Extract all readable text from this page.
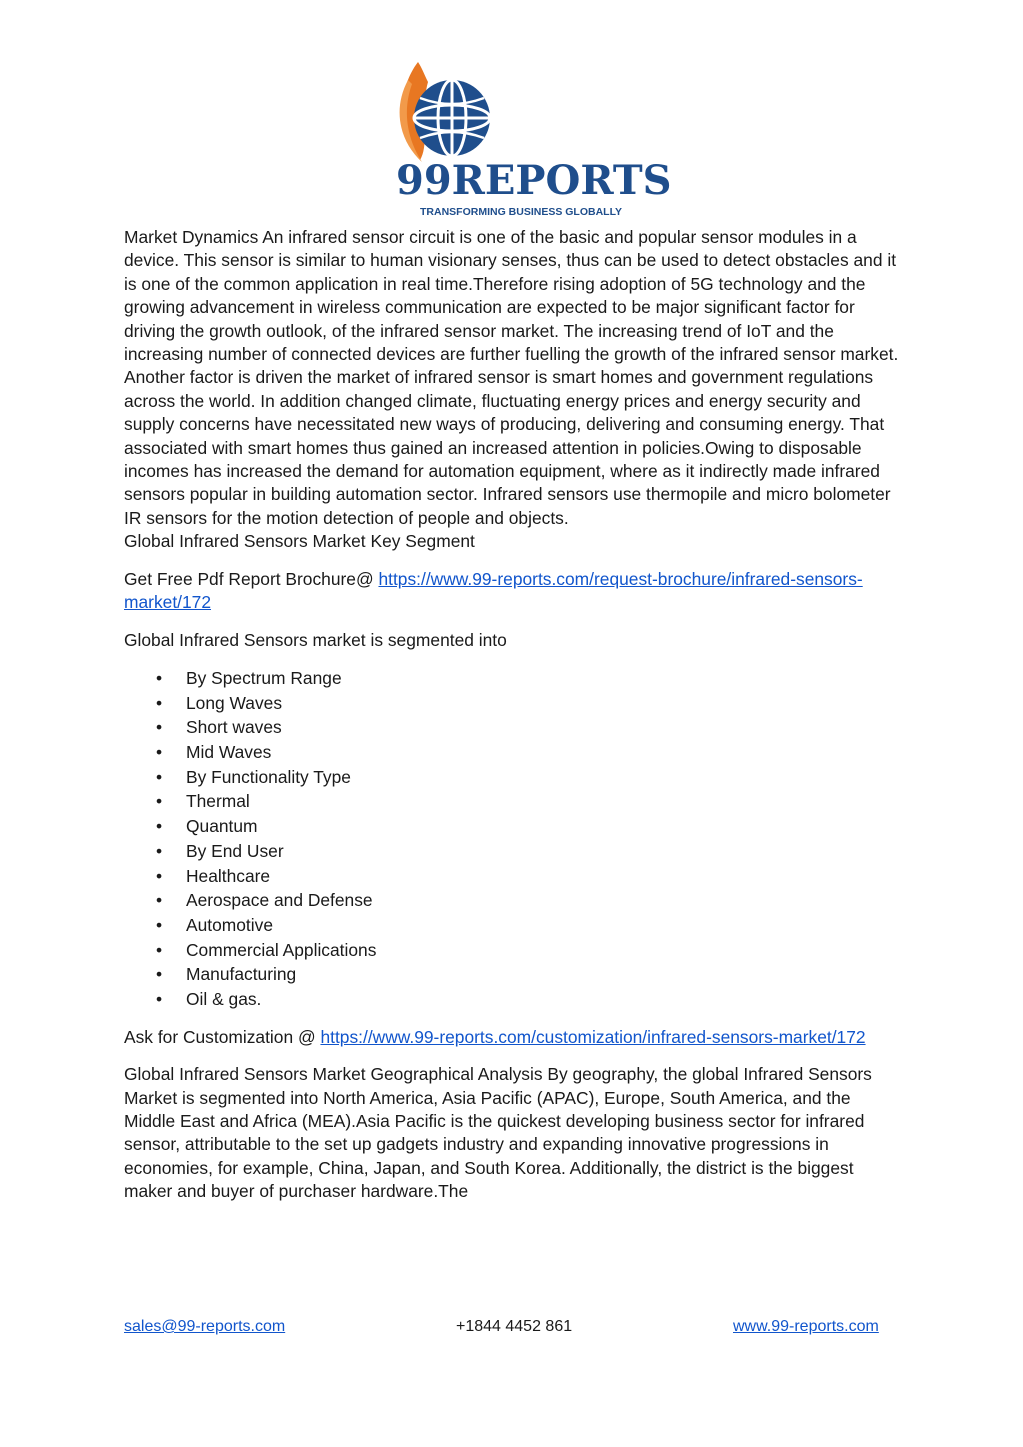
99REPORTS
TRANSFORMING BUSINESS GLOBALLY

Market Dynamics An infrared sensor circuit is one of the basic and popular sensor modules in a device. This sensor is similar to human visionary senses, thus can be used to detect obstacles and it is one of the common application in real time.Therefore rising adoption of 5G technology and the growing advancement in wireless communication are expected to be major significant factor for driving the growth outlook, of the infrared sensor market. The increasing trend of IoT and the increasing number of connected devices are further fuelling the growth of the infrared sensor market. Another factor is driven the market of infrared sensor is smart homes and government regulations across the world. In addition changed climate, fluctuating energy prices and energy security and supply concerns have necessitated new ways of producing, delivering and consuming energy. That associated with smart homes thus gained an increased attention in policies.Owing to disposable incomes has increased the demand for automation equipment, where as it indirectly made infrared sensors popular in building automation sector. Infrared sensors use thermopile and micro bolometer IR sensors for the motion detection of people and objects.

Global Infrared Sensors Market Key Segment

Get Free Pdf Report Brochure@ https://www.99-reports.com/request-brochure/infrared-sensors-market/172

Global Infrared Sensors market is segmented into

• By Spectrum Range
• Long Waves
• Short waves
• Mid Waves
• By Functionality Type
• Thermal
• Quantum
• By End User
• Healthcare
• Aerospace and Defense
• Automotive
• Commercial Applications
• Manufacturing
• Oil & gas.

Ask for Customization @ https://www.99-reports.com/customization/infrared-sensors-market/172

Global Infrared Sensors Market Geographical Analysis By geography, the global Infrared Sensors Market is segmented into North America, Asia Pacific (APAC), Europe, South America, and the Middle East and Africa (MEA).Asia Pacific is the quickest developing business sector for infrared sensor, attributable to the set up gadgets industry and expanding innovative progressions in economies, for example, China, Japan, and South Korea. Additionally, the district is the biggest maker and buyer of purchaser hardware.The

sales@99-reports.com	+1844 4452 861	www.99-reports.com
